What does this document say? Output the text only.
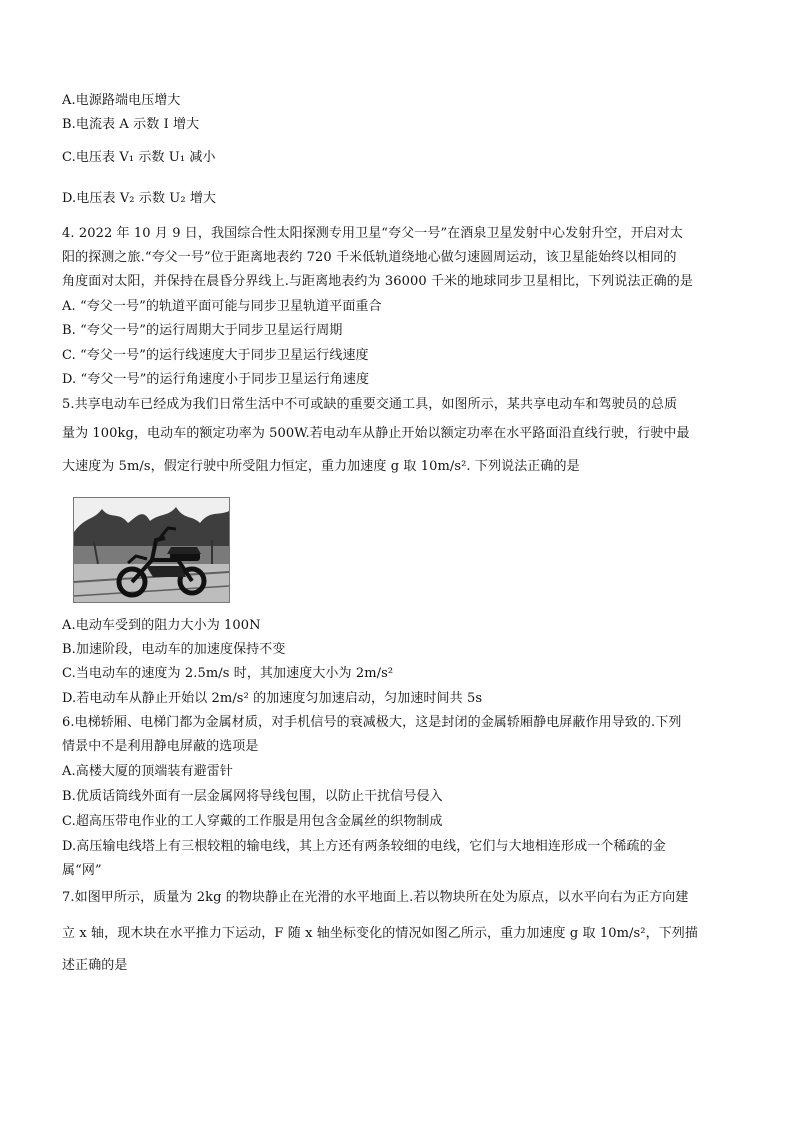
A.电源路端电压增大
B.电流表 A 示数 I 增大
C.电压表 V₁ 示数 U₁ 减小
D.电压表 V₂ 示数 U₂ 增大
4. 2022 年 10 月 9 日，我国综合性太阳探测专用卫星“夸父一号”在酒泉卫星发射中心发射升空，开启对太
阳的探测之旅.“夸父一号”位于距离地表约 720 千米低轨道绕地心做匀速圆周运动，该卫星能始终以相同的
角度面对太阳，并保持在晨昏分界线上.与距离地表约为 36000 千米的地球同步卫星相比，下列说法正确的是
A. “夸父一号”的轨道平面可能与同步卫星轨道平面重合
B. “夸父一号”的运行周期大于同步卫星运行周期
C. “夸父一号”的运行线速度大于同步卫星运行线速度
D. “夸父一号”的运行角速度小于同步卫星运行角速度
5.共享电动车已经成为我们日常生活中不可或缺的重要交通工具，如图所示，某共享电动车和驾驶员的总质
量为 100kg，电动车的额定功率为 500W.若电动车从静止开始以额定功率在水平路面沿直线行驶，行驶中最
大速度为 5m/s，假定行驶中所受阻力恒定，重力加速度 g 取 10m/s². 下列说法正确的是
A.电动车受到的阻力大小为 100N
B.加速阶段，电动车的加速度保持不变
C.当电动车的速度为 2.5m/s 时，其加速度大小为 2m/s²
D.若电动车从静止开始以 2m/s² 的加速度匀加速启动，匀加速时间共 5s
6.电梯轿厢、电梯门都为金属材质，对手机信号的衰减极大，这是封闭的金属轿厢静电屏蔽作用导致的.下列
情景中不是利用静电屏蔽的选项是
A.高楼大厦的顶端装有避雷针
B.优质话筒线外面有一层金属网将导线包围，以防止干扰信号侵入
C.超高压带电作业的工人穿戴的工作服是用包含金属丝的织物制成
D.高压输电线塔上有三根较粗的输电线，其上方还有两条较细的电线，它们与大地相连形成一个稀疏的金
属“网”
7.如图甲所示，质量为 2kg 的物块静止在光滑的水平地面上.若以物块所在处为原点，以水平向右为正方向建
立 x 轴，现木块在水平推力下运动，F 随 x 轴坐标变化的情况如图乙所示，重力加速度 g 取 10m/s²，下列描
述正确的是
